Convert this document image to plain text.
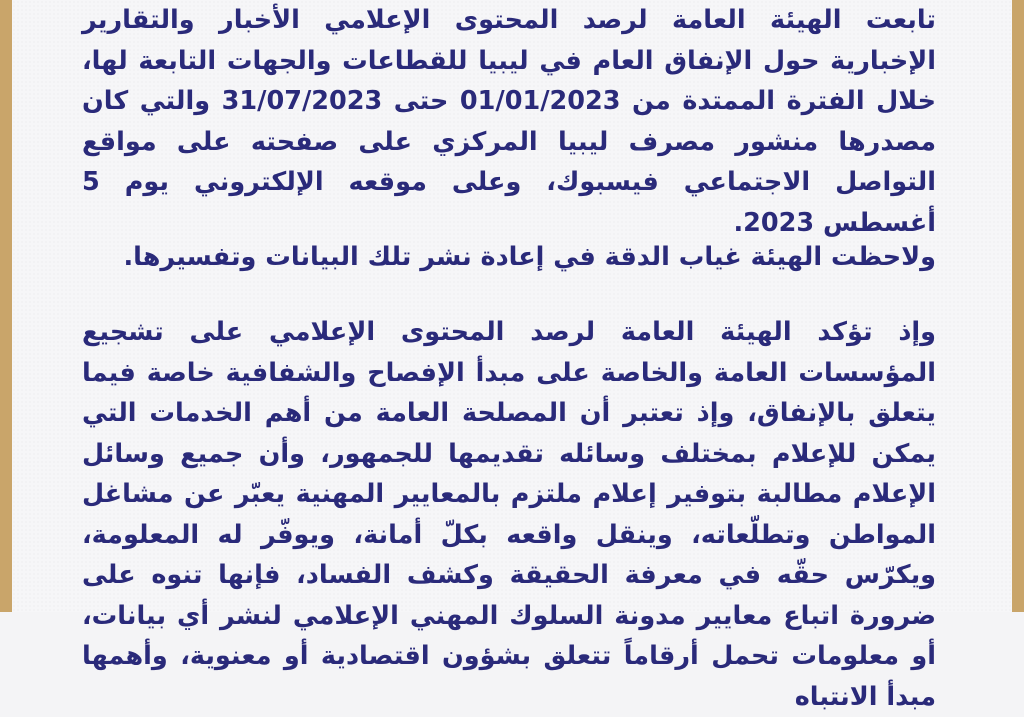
تابعت الهيئة العامة لرصد المحتوى الإعلامي الأخبار والتقارير الإخبارية حول الإنفاق العام في ليبيا للقطاعات والجهات التابعة لها، خلال الفترة الممتدة من 01/01/2023 حتى 31/07/2023 والتي كان مصدرها منشور مصرف ليبيا المركزي على صفحته على مواقع التواصل الاجتماعي فيسبوك، وعلى موقعه الإلكتروني يوم 5 أغسطس 2023.

ولاحظت الهيئة غياب الدقة في إعادة نشر تلك البيانات وتفسيرها.

وإذ تؤكد الهيئة العامة لرصد المحتوى الإعلامي على تشجيع المؤسسات العامة والخاصة على مبدأ الإفصاح والشفافية خاصة فيما يتعلق بالإنفاق، وإذ تعتبر أن المصلحة العامة من أهم الخدمات التي يمكن للإعلام بمختلف وسائله تقديمها للجمهور، وأن جميع وسائل الإعلام مطالبة بتوفير إعلام ملتزم بالمعايير المهنية يعبّر عن مشاغل المواطن وتطلّعاته، وينقل واقعه بكلّ أمانة، ويوفّر له المعلومة، ويكرّس حقّه في معرفة الحقيقة وكشف الفساد، فإنها تنوه على ضرورة اتباع معايير مدونة السلوك المهني الإعلامي لنشر أي بيانات، أو معلومات تحمل أرقاماً تتعلق بشؤون اقتصادية أو معنوية، وأهمها مبدأ الانتباه
